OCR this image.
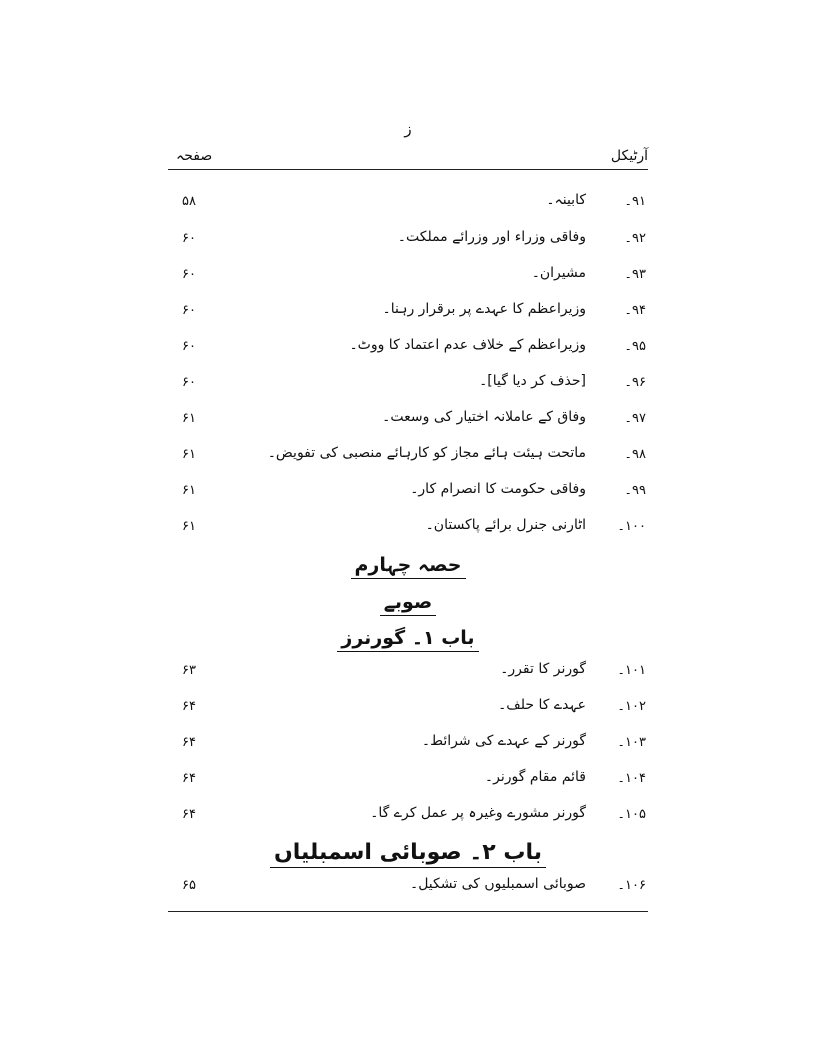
ز
آرٹیکل
صفحہ
۹۱۔
کابینہ۔
۵۸
۹۲۔
وفاقی وزراء اور وزرائے مملکت۔
۶۰
۹۳۔
مشیران۔
۶۰
۹۴۔
وزیراعظم کا عہدے پر برقرار رہنا۔
۶۰
۹۵۔
وزیراعظم کے خلاف عدم اعتماد کا ووٹ۔
۶۰
۹۶۔
[حذف کر دیا گیا]۔
۶۰
۹۷۔
وفاق کے عاملانہ اختیار کی وسعت۔
۶۱
۹۸۔
ماتحت ہیئت ہائے مجاز کو کارہائے منصبی کی تفویض۔
۶۱
۹۹۔
وفاقی حکومت کا انصرام کار۔
۶۱
۱۰۰۔
اٹارنی جنرل برائے پاکستان۔
۶۱
حصہ چہارم
صوبے
باب ۱۔ گورنرز
۱۰۱۔
گورنر کا تقرر۔
۶۳
۱۰۲۔
عہدے کا حلف۔
۶۴
۱۰۳۔
گورنر کے عہدے کی شرائط۔
۶۴
۱۰۴۔
قائم مقام گورنر۔
۶۴
۱۰۵۔
گورنر مشورے وغیرہ پر عمل کرے گا۔
۶۴
باب ۲۔ صوبائی اسمبلیاں
۱۰۶۔
صوبائی اسمبلیوں کی تشکیل۔
۶۵
